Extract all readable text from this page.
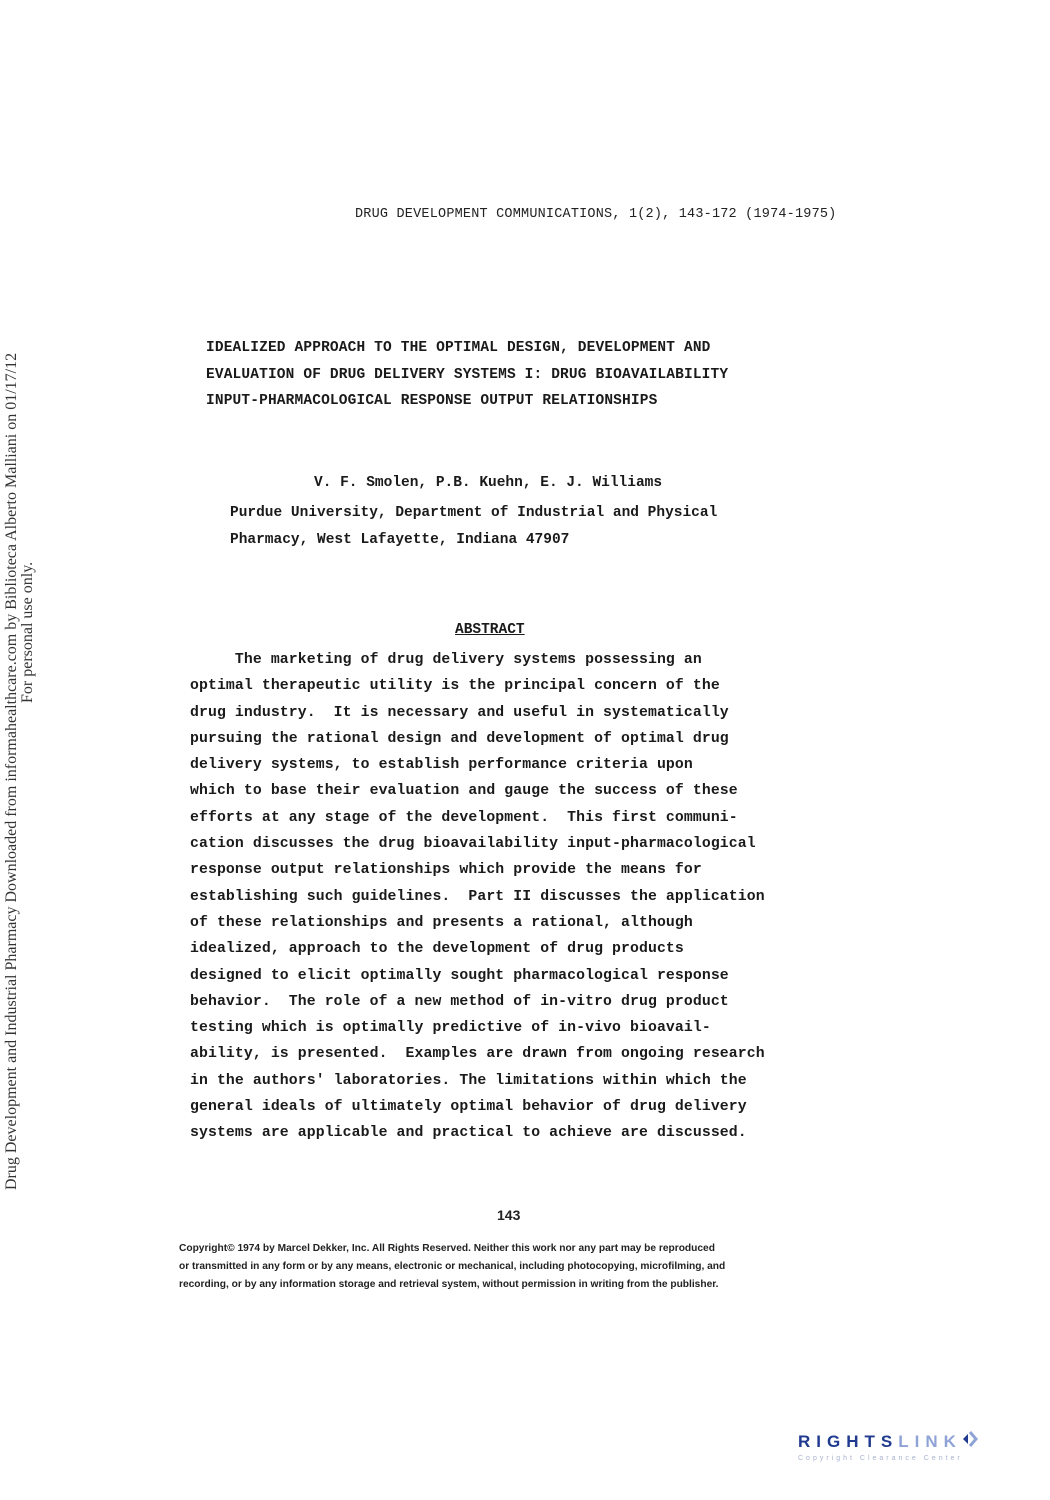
Drug Development and Industrial Pharmacy Downloaded from informahealthcare.com by Biblioteca Alberto Malliani on 01/17/12 For personal use only.
DRUG DEVELOPMENT COMMUNICATIONS, 1(2), 143-172 (1974-1975)
IDEALIZED APPROACH TO THE OPTIMAL DESIGN, DEVELOPMENT AND
EVALUATION OF DRUG DELIVERY SYSTEMS I: DRUG BIOAVAILABILITY
INPUT-PHARMACOLOGICAL RESPONSE OUTPUT RELATIONSHIPS
V. F. Smolen, P.B. Kuehn, E. J. Williams
Purdue University, Department of Industrial and Physical
Pharmacy, West Lafayette, Indiana 47907
ABSTRACT
The marketing of drug delivery systems possessing an
optimal therapeutic utility is the principal concern of the
drug industry.  It is necessary and useful in systematically
pursuing the rational design and development of optimal drug
delivery systems, to establish performance criteria upon
which to base their evaluation and gauge the success of these
efforts at any stage of the development.  This first communi-
cation discusses the drug bioavailability input-pharmacological
response output relationships which provide the means for
establishing such guidelines.  Part II discusses the application
of these relationships and presents a rational, although
idealized, approach to the development of drug products
designed to elicit optimally sought pharmacological response
behavior.  The role of a new method of in-vitro drug product
testing which is optimally predictive of in-vivo bioavail-
ability, is presented.  Examples are drawn from ongoing research
in the authors' laboratories. The limitations within which the
general ideals of ultimately optimal behavior of drug delivery
systems are applicable and practical to achieve are discussed.
143
Copyright© 1974 by Marcel Dekker, Inc. All Rights Reserved. Neither this work nor any part may be reproduced
or transmitted in any form or by any means, electronic or mechanical, including photocopying, microfilming, and
recording, or by any information storage and retrieval system, without permission in writing from the publisher.
RIGHTS LINK
Copyright Clearance Center
